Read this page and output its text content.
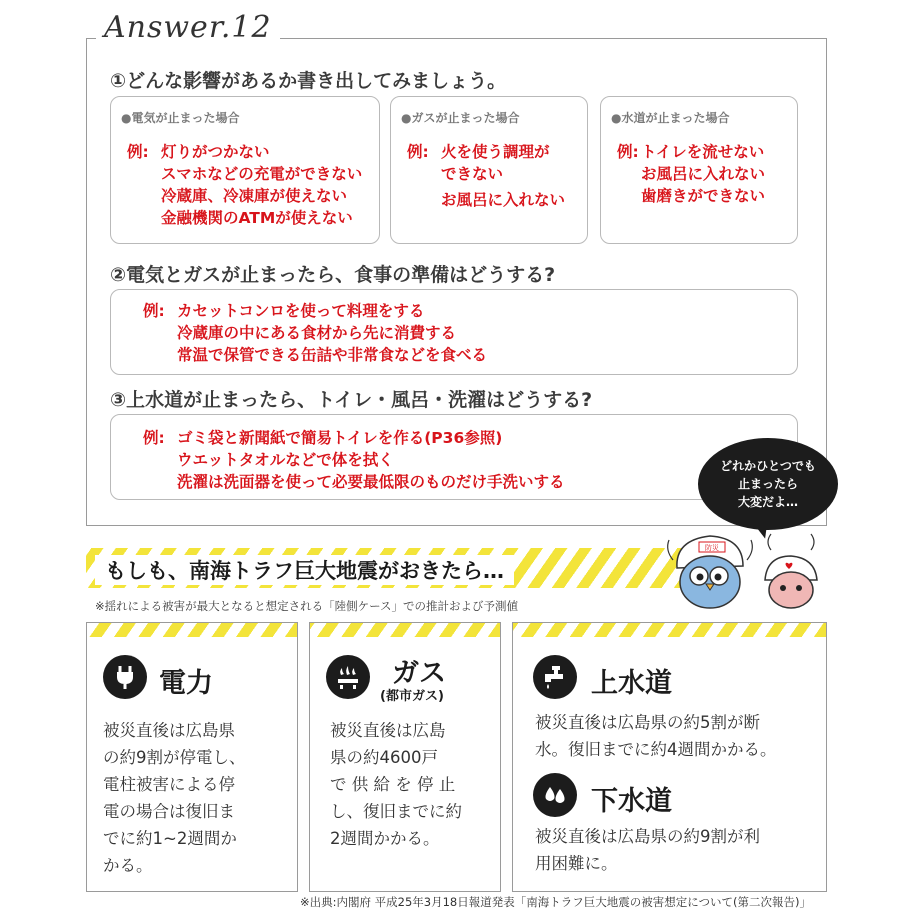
Answer.12
①どんな影響があるか書き出してみましょう。
●電気が止まった場合
例: 灯りがつかない
スマホなどの充電ができない
冷蔵庫、冷凍庫が使えない
金融機関のATMが使えない
●ガスが止まった場合
例: 火を使う調理が
できない
お風呂に入れない
●水道が止まった場合
例: トイレを流せない
お風呂に入れない
歯磨きができない
②電気とガスが止まったら、食事の準備はどうする?
例: カセットコンロを使って料理をする
冷蔵庫の中にある食材から先に消費する
常温で保管できる缶詰や非常食などを食べる
③上水道が止まったら、トイレ・風呂・洗濯はどうする?
例: ゴミ袋と新聞紙で簡易トイレを作る(P36参照)
ウエットタオルなどで体を拭く
洗濯は洗面器を使って必要最低限のものだけ手洗いする
どれかひとつでも
止まったら
大変だよ…
もしも、南海トラフ巨大地震がおきたら…
防災
※揺れによる被害が最大となると想定される「陸側ケース」での推計および予測値
電力
被災直後は広島県
の約9割が停電し、
電柱被害による停
電の場合は復旧ま
でに約1~2週間か
かる。
ガス
(都市ガス)
被災直後は広島
県の約4600戸
で 供 給 を 停 止
し、復旧までに約
2週間かかる。
上水道
被災直後は広島県の約5割が断
水。復旧までに約4週間かかる。
下水道
被災直後は広島県の約9割が利
用困難に。
※出典:内閣府 平成25年3月18日報道発表「南海トラフ巨大地震の被害想定について(第二次報告)」
